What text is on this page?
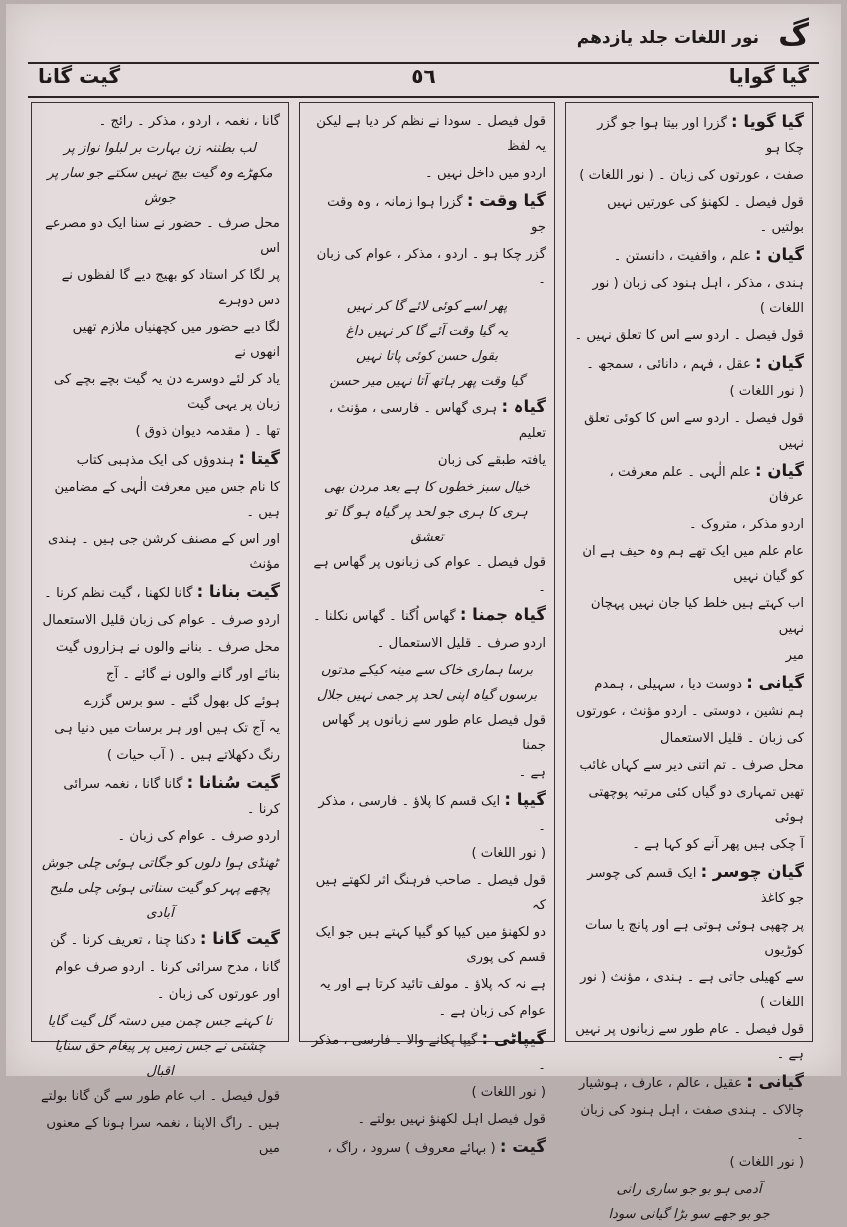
نور اللغات جلد یازدھم گ
گیا گوایا
٥٦
گیت گانا
گیا گویا : گزرا اور بیتا ہوا جو گزر چکا ہو
صفت ، عورتوں کی زبان ۔ ( نور اللغات )
قول فیصل ۔ لکھنؤ کی عورتیں نہیں بولتیں ۔
گیان : علم ، واقفیت ، دانستن ۔
ہندی ، مذکر ، اہل ہنود کی زبان ( نور اللغات )
قول فیصل ۔ اردو سے اس کا تعلق نہیں ۔
گیان : عقل ، فہم ، دانائی ، سمجھ ۔
( نور اللغات )
قول فیصل ۔ اردو سے اس کا کوئی تعلق نہیں
گیان : علم الٰہی ۔ علم معرفت ، عرفان
اردو مذکر ، متروک ۔
عام علم میں ایک تھے ہم وہ حیف ہے ان کو گیان نہیں
اب کہتے ہیں خلط کیا جان نہیں پہچان نہیں
میر
گیانی : دوست دیا ، سہیلی ، ہمدم
ہم نشین ، دوستی ۔ اردو مؤنث ، عورتوں
کی زبان ۔ قلیل الاستعمال
محل صرف ۔ تم اتنی دیر سے کہاں غائب
تھیں تمہاری دو گیاں کئی مرتبہ پوچھتی ہوئی
آ چکی ہیں پھر آنے کو کہا ہے ۔
گیان چوسر : ایک قسم کی چوسر جو کاغذ
پر چھپی ہوئی ہوتی ہے اور پانچ یا سات کوڑیوں
سے کھیلی جاتی ہے ۔ ہندی ، مؤنث ( نور اللغات )
قول فیصل ۔ عام طور سے زبانوں پر نہیں ہے ۔
گیانی : عقیل ، عالم ، عارف ، ہوشیار
چالاک ۔ ہندی صفت ، اہل ہنود کی زبان ۔
( نور اللغات )
آدمی ہو بو جو ساری رانی
جو بو جھے سو بڑا گیانی سودا
قول فیصل ۔ سودا نے نظم کر دیا ہے لیکن یہ لفظ
اردو میں داخل نہیں ۔
گیا وقت : گزرا ہوا زمانہ ، وہ وقت جو
گزر چکا ہو ۔ اردو ، مذکر ، عوام کی زبان ۔
پھر اسے کوئی لائے گا کر نہیں
یہ گیا وقت آئے گا کر نہیں داغ
بقول حسن کوئی پاتا نہیں
گیا وقت پھر ہاتھ آتا نہیں میر حسن
گیاہ : ہری گھاس ۔ فارسی ، مؤنث ، تعلیم
یافتہ طبقے کی زبان
خیال سبز خطوں کا ہے بعد مردن بھی
ہری کا ہری جو لحد پر گیاہ ہو گا تو تعشق
قول فیصل ۔ عوام کی زبانوں پر گھاس ہے ۔
گیاہ جمنا : گھاس اُگنا ۔ گھاس نکلنا ۔
اردو صرف ۔ قلیل الاستعمال ۔
برسا ہماری خاک سے مینہ کیکے مدتوں
برسوں گیاہ اپنی لحد پر جمی نہیں جلال
قول فیصل عام طور سے زبانوں پر گھاس جمنا
ہے ۔
گیپا : ایک قسم کا پلاؤ ۔ فارسی ، مذکر ۔
( نور اللغات )
قول فیصل ۔ صاحب فرہنگ اثر لکھتے ہیں کہ
دو لکھنؤ میں کیپا کو گیپا کہتے ہیں جو ایک قسم کی پوری
ہے نہ کہ پلاؤ ۔ مولف تائید کرتا ہے اور یہ
عوام کی زبان ہے ۔
گیپاٹی : گیپا پکانے والا ۔ فارسی ، مذکر ۔
( نور اللغات )
قول فیصل اہل لکھنؤ نہیں بولتے ۔
گیت : ( بہائے معروف ) سرود ، راگ ،
گانا ، نغمہ ، اردو ، مذکر ۔ رائج ۔
لب بطننہ زن بہارت بر لبلوا نواز پر
مکھڑے وہ گیت بیچ نہیں سکتے جو سار پر جوش
محل صرف ۔ حضور نے سنا ایک دو مصرعے اس
پر لگا کر استاد کو بھیج دیے گا لفظوں نے دس دوہرے
لگا دیے حضور میں کچھنیاں ملازم تھیں انھوں نے
یاد کر لئے دوسرے دن یہ گیت بچے بچے کی زبان پر یہی گیت
تھا ۔ ( مقدمہ دیوان ذوق )
گیتا : ہندوؤں کی ایک مذہبی کتاب
کا نام جس میں معرفت الٰہی کے مضامین ہیں ۔
اور اس کے مصنف کرشن جی ہیں ۔ ہندی مؤنث
گیت بنانا : گانا لکھنا ، گیت نظم کرنا ۔
اردو صرف ۔ عوام کی زبان قلیل الاستعمال
محل صرف ۔ بنانے والوں نے ہزاروں گیت
بنائے اور گانے والوں نے گائے ۔ آج
ہوئے کل بھول گئے ۔ سو برس گزرے
یہ آج تک ہیں اور ہر برسات میں دنیا ہی
رنگ دکھلاتے ہیں ۔ ( آب حیات )
گیت سُنانا : گانا گانا ، نغمہ سرائی کرنا ۔
اردو صرف ۔ عوام کی زبان ۔
ٹھنڈی ہوا دلوں کو جگاتی ہوئی چلی جوش
پچھے پہر کو گیت سناتی ہوئی چلی ملیح آبادی
گیت گانا : دکنا چنا ، تعریف کرنا ۔ گن
گانا ، مدح سرائی کرنا ۔ اردو صرف عوام
اور عورتوں کی زبان ۔
نا کہنے جس چمن میں دستہ گل گیت گایا
چشتی نے جس زمیں پر پیغام حق سنایا اقبال
قول فیصل ۔ اب عام طور سے گن گانا بولتے
ہیں ۔ راگ الاپنا ، نغمہ سرا ہونا کے معنوں میں
